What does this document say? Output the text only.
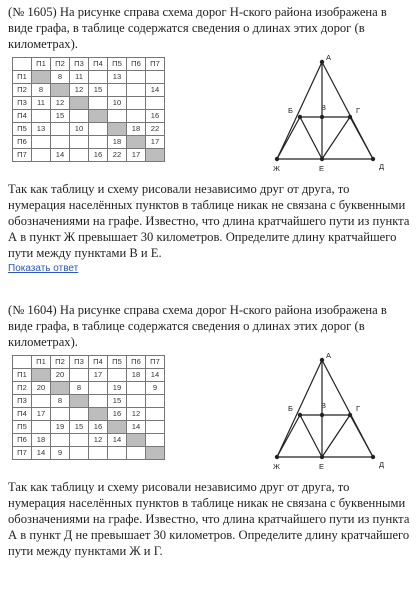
(№ 1605) На рисунке справа схема дорог Н-ского района изображена в виде графа, в таблице содержатся сведения о длинах этих дорог (в километрах).

	П1	П2	П3	П4	П5	П6	П7
П1		8	11		13		
П2	8		12	15			14
П3	11	12			10		
П4		15					16
П5	13		10			18	22
П6					18		17
П7		14		16	22	17	
А
Б	В	Г
Ж	Е	Д

Так как таблицу и схему рисовали независимо друг от друга, то нумерация населённых пунктов в таблице никак не связана с буквенными обозначениями на графе. Известно, что длина кратчайшего пути из пункта А в пункт Ж превышает 30 километров. Определите длину кратчайшего пути между пунктами В и Е.

Показать ответ

(№ 1604) На рисунке справа схема дорог Н-ского района изображена в виде графа, в таблице содержатся сведения о длинах этих дорог (в километрах).

	П1	П2	П3	П4	П5	П6	П7
П1		20		17		18	14
П2	20		8		19		9
П3		8			15		
П4	17				16	12	
П5		19	15	16		14	
П6	18			12	14		
П7	14	9					
А
Б	В	Г
Ж	Е	Д

Так как таблицу и схему рисовали независимо друг от друга, то нумерация населённых пунктов в таблице никак не связана с буквенными обозначениями на графе. Известно, что длина кратчайшего пути из пункта А в пункт Д не превышает 30 километров. Определите длину кратчайшего пути между пунктами Ж и Г.
